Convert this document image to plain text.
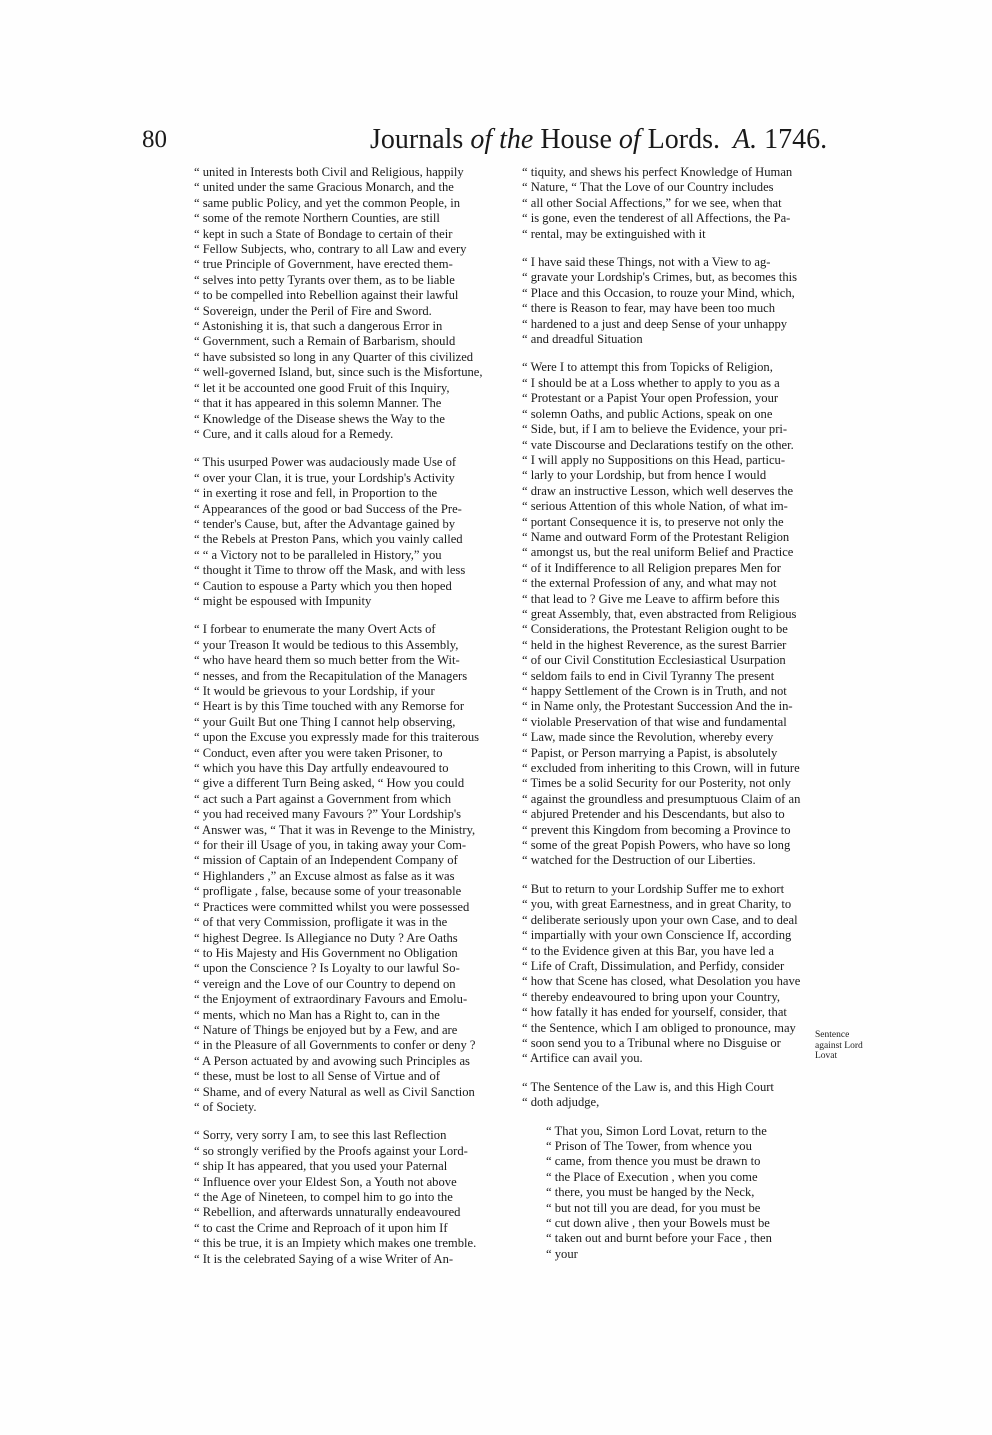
80	Journals of the House of Lords. A. 1746.

“ united in Interests both Civil and Religious, happily
“ united under the same Gracious Monarch, and the
“ same public Policy, and yet the common People, in
“ some of the remote Northern Counties, are still
“ kept in such a State of Bondage to certain of their
“ Fellow Subjects, who, contrary to all Law and every
“ true Principle of Government, have erected them-
“ selves into petty Tyrants over them, as to be liable
“ to be compelled into Rebellion against their lawful
“ Sovereign, under the Peril of Fire and Sword.
“ Astonishing it is, that such a dangerous Error in
“ Government, such a Remain of Barbarism, should
“ have subsisted so long in any Quarter of this civilized
“ well-governed Island, but, since such is the Misfortune,
“ let it be accounted one good Fruit of this Inquiry,
“ that it has appeared in this solemn Manner. The
“ Knowledge of the Disease shews the Way to the
“ Cure, and it calls aloud for a Remedy.

“ This usurped Power was audaciously made Use of
“ over your Clan, it is true, your Lordship's Activity
“ in exerting it rose and fell, in Proportion to the
“ Appearances of the good or bad Success of the Pre-
“ tender's Cause, but, after the Advantage gained by
“ the Rebels at Preston Pans, which you vainly called
“ “ a Victory not to be paralleled in History,” you
“ thought it Time to throw off the Mask, and with less
“ Caution to espouse a Party which you then hoped
“ might be espoused with Impunity

“ I forbear to enumerate the many Overt Acts of
“ your Treason It would be tedious to this Assembly,
“ who have heard them so much better from the Wit-
“ nesses, and from the Recapitulation of the Managers
“ It would be grievous to your Lordship, if your
“ Heart is by this Time touched with any Remorse for
“ your Guilt But one Thing I cannot help observing,
“ upon the Excuse you expressly made for this traiterous
“ Conduct, even after you were taken Prisoner, to
“ which you have this Day artfully endeavoured to
“ give a different Turn Being asked, “ How you could
“ act such a Part against a Government from which
“ you had received many Favours ?” Your Lordship's
“ Answer was, “ That it was in Revenge to the Ministry,
“ for their ill Usage of you, in taking away your Com-
“ mission of Captain of an Independent Company of
“ Highlanders ,” an Excuse almost as false as it was
“ profligate , false, because some of your treasonable
“ Practices were committed whilst you were possessed
“ of that very Commission, profligate it was in the
“ highest Degree. Is Allegiance no Duty ? Are Oaths
“ to His Majesty and His Government no Obligation
“ upon the Conscience ? Is Loyalty to our lawful So-
“ vereign and the Love of our Country to depend on
“ the Enjoyment of extraordinary Favours and Emolu-
“ ments, which no Man has a Right to, can in the
“ Nature of Things be enjoyed but by a Few, and are
“ in the Pleasure of all Governments to confer or deny ?
“ A Person actuated by and avowing such Principles as
“ these, must be lost to all Sense of Virtue and of
“ Shame, and of every Natural as well as Civil Sanction
“ of Society.

“ Sorry, very sorry I am, to see this last Reflection
“ so strongly verified by the Proofs against your Lord-
“ ship It has appeared, that you used your Paternal
“ Influence over your Eldest Son, a Youth not above
“ the Age of Nineteen, to compel him to go into the
“ Rebellion, and afterwards unnaturally endeavoured
“ to cast the Crime and Reproach of it upon him If
“ this be true, it is an Impiety which makes one tremble.
“ It is the celebrated Saying of a wise Writer of An-

“ tiquity, and shews his perfect Knowledge of Human
“ Nature, “ That the Love of our Country includes
“ all other Social Affections,” for we see, when that
“ is gone, even the tenderest of all Affections, the Pa-
“ rental, may be extinguished with it

“ I have said these Things, not with a View to ag-
“ gravate your Lordship's Crimes, but, as becomes this
“ Place and this Occasion, to rouze your Mind, which,
“ there is Reason to fear, may have been too much
“ hardened to a just and deep Sense of your unhappy
“ and dreadful Situation

“ Were I to attempt this from Topicks of Religion,
“ I should be at a Loss whether to apply to you as a
“ Protestant or a Papist Your open Profession, your
“ solemn Oaths, and public Actions, speak on one
“ Side, but, if I am to believe the Evidence, your pri-
“ vate Discourse and Declarations testify on the other.
“ I will apply no Suppositions on this Head, particu-
“ larly to your Lordship, but from hence I would
“ draw an instructive Lesson, which well deserves the
“ serious Attention of this whole Nation, of what im-
“ portant Consequence it is, to preserve not only the
“ Name and outward Form of the Protestant Religion
“ amongst us, but the real uniform Belief and Practice
“ of it Indifference to all Religion prepares Men for
“ the external Profession of any, and what may not
“ that lead to ? Give me Leave to affirm before this
“ great Assembly, that, even abstracted from Religious
“ Considerations, the Protestant Religion ought to be
“ held in the highest Reverence, as the surest Barrier
“ of our Civil Constitution Ecclesiastical Usurpation
“ seldom fails to end in Civil Tyranny The present
“ happy Settlement of the Crown is in Truth, and not
“ in Name only, the Protestant Succession And the in-
“ violable Preservation of that wise and fundamental
“ Law, made since the Revolution, whereby every
“ Papist, or Person marrying a Papist, is absolutely
“ excluded from inheriting to this Crown, will in future
“ Times be a solid Security for our Posterity, not only
“ against the groundless and presumptuous Claim of an
“ abjured Pretender and his Descendants, but also to
“ prevent this Kingdom from becoming a Province to
“ some of the great Popish Powers, who have so long
“ watched for the Destruction of our Liberties.

“ But to return to your Lordship Suffer me to exhort
“ you, with great Earnestness, and in great Charity, to
“ deliberate seriously upon your own Case, and to deal
“ impartially with your own Conscience If, according
“ to the Evidence given at this Bar, you have led a
“ Life of Craft, Dissimulation, and Perfidy, consider
“ how that Scene has closed, what Desolation you have
“ thereby endeavoured to bring upon your Country,
“ how fatally it has ended for yourself, consider, that
“ the Sentence, which I am obliged to pronounce, may
“ soon send you to a Tribunal where no Disguise or
“ Artifice can avail you.

“ The Sentence of the Law is, and this High Court
“ doth adjudge,

“ That you, Simon Lord Lovat, return to the
“ Prison of The Tower, from whence you
“ came, from thence you must be drawn to
“ the Place of Execution , when you come
“ there, you must be hanged by the Neck,
“ but not till you are dead, for you must be
“ cut down alive , then your Bowels must be
“ taken out and burnt before your Face , then
“ your

Sentence against Lord Lovat
